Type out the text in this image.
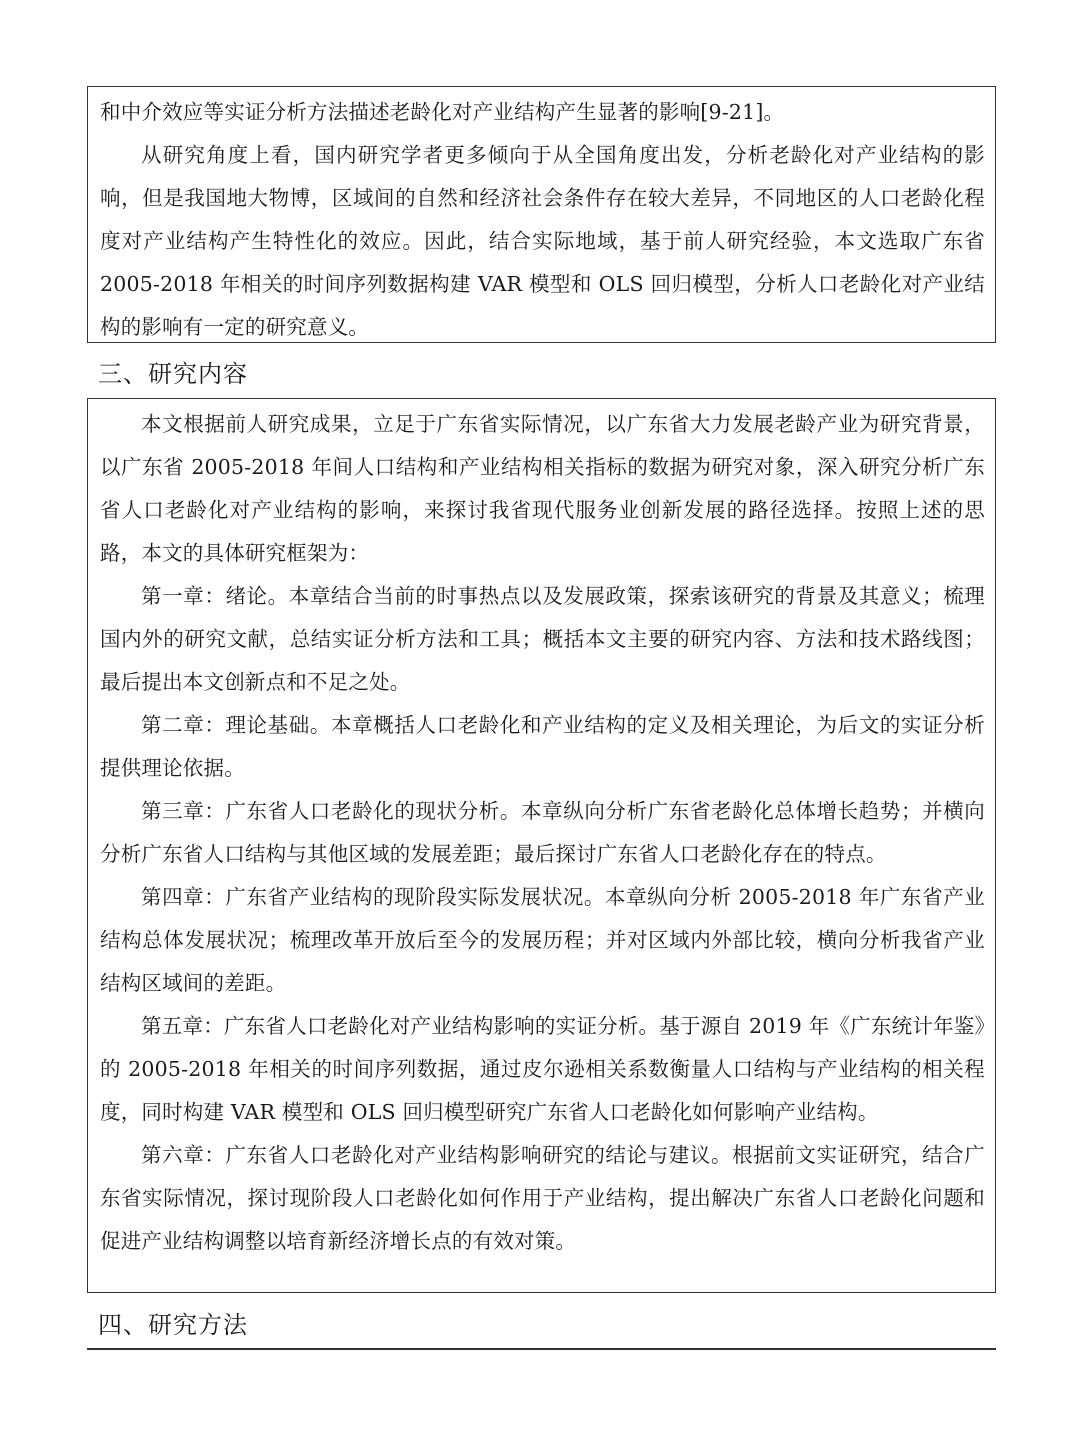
和中介效应等实证分析方法描述老龄化对产业结构产生显著的影响[9-21]。

从研究角度上看，国内研究学者更多倾向于从全国角度出发，分析老龄化对产业结构的影响，但是我国地大物博，区域间的自然和经济社会条件存在较大差异，不同地区的人口老龄化程度对产业结构产生特性化的效应。因此，结合实际地域，基于前人研究经验，本文选取广东省 2005-2018 年相关的时间序列数据构建 VAR 模型和 OLS 回归模型，分析人口老龄化对产业结构的影响有一定的研究意义。

三、研究内容

本文根据前人研究成果，立足于广东省实际情况，以广东省大力发展老龄产业为研究背景，以广东省 2005-2018 年间人口结构和产业结构相关指标的数据为研究对象，深入研究分析广东省人口老龄化对产业结构的影响，来探讨我省现代服务业创新发展的路径选择。按照上述的思路，本文的具体研究框架为：

第一章：绪论。本章结合当前的时事热点以及发展政策，探索该研究的背景及其意义；梳理国内外的研究文献，总结实证分析方法和工具；概括本文主要的研究内容、方法和技术路线图；最后提出本文创新点和不足之处。

第二章：理论基础。本章概括人口老龄化和产业结构的定义及相关理论，为后文的实证分析提供理论依据。

第三章：广东省人口老龄化的现状分析。本章纵向分析广东省老龄化总体增长趋势；并横向分析广东省人口结构与其他区域的发展差距；最后探讨广东省人口老龄化存在的特点。

第四章：广东省产业结构的现阶段实际发展状况。本章纵向分析 2005-2018 年广东省产业结构总体发展状况；梳理改革开放后至今的发展历程；并对区域内外部比较，横向分析我省产业结构区域间的差距。

第五章：广东省人口老龄化对产业结构影响的实证分析。基于源自 2019 年《广东统计年鉴》的 2005-2018 年相关的时间序列数据，通过皮尔逊相关系数衡量人口结构与产业结构的相关程度，同时构建 VAR 模型和 OLS 回归模型研究广东省人口老龄化如何影响产业结构。

第六章：广东省人口老龄化对产业结构影响研究的结论与建议。根据前文实证研究，结合广东省实际情况，探讨现阶段人口老龄化如何作用于产业结构，提出解决广东省人口老龄化问题和促进产业结构调整以培育新经济增长点的有效对策。

四、研究方法
